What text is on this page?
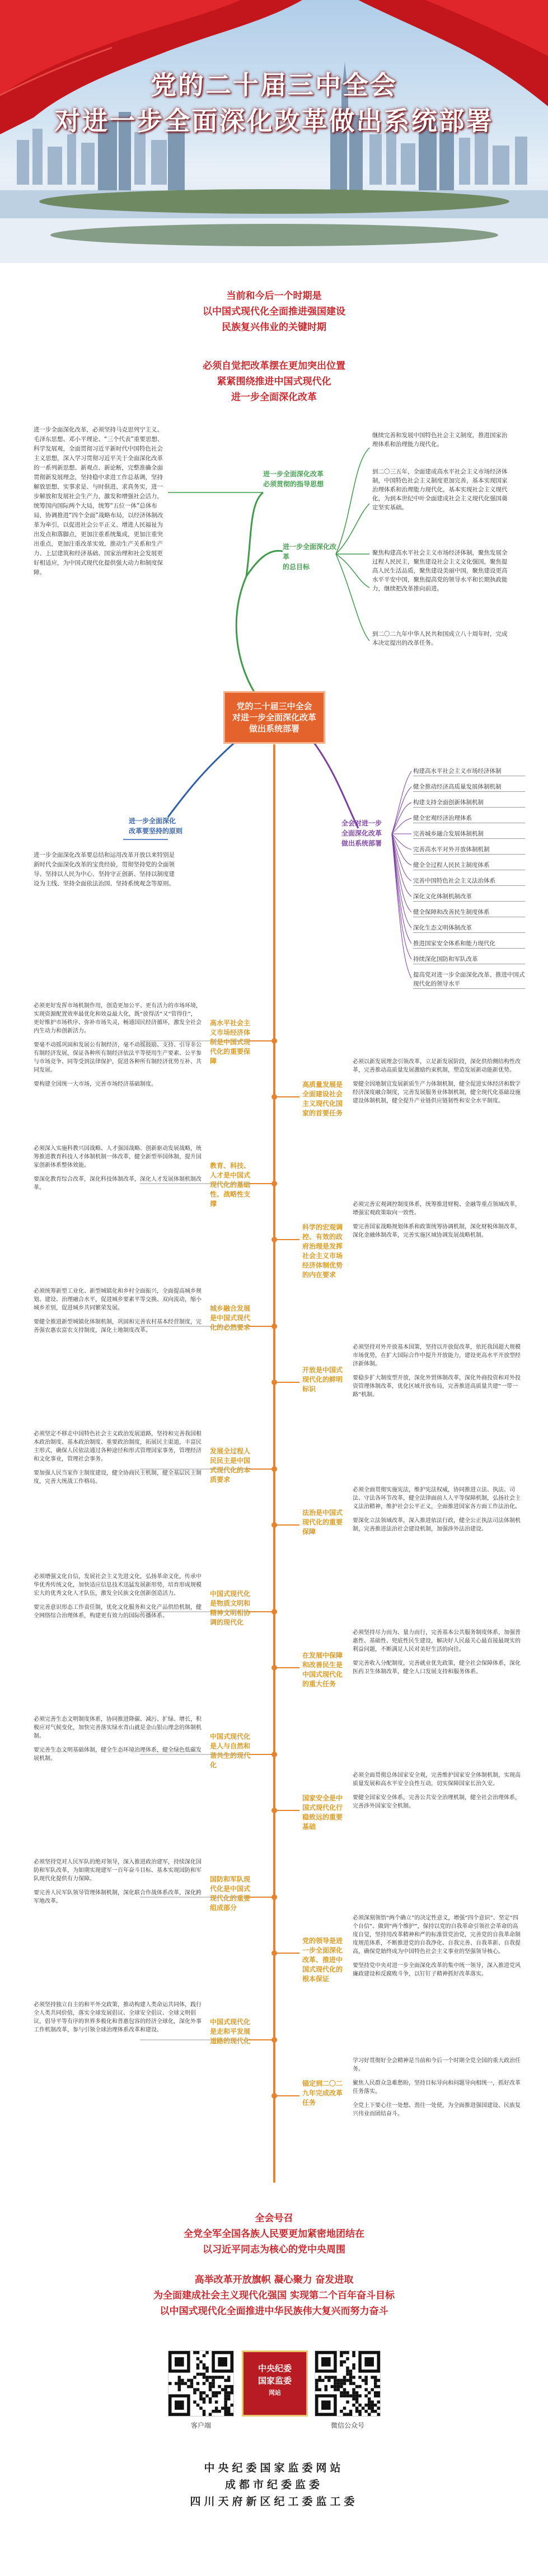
党的二十届三中全会
对进一步全面深化改革做出系统部署
当前和今后一个时期是
以中国式现代化全面推进强国建设
民族复兴伟业的关键时期
必须自觉把改革摆在更加突出位置
紧紧围绕推进中国式现代化
进一步全面深化改革
党的二十届三中全会
对进一步全面深化改革
做出系统部署
进一步全面深化改革
必须贯彻的指导思想
进一步全面深化改革
的总目标
进一步全面深化
改革要坚持的原则
全会对进一步
全面深化改革
做出系统部署
进一步全面深化改革，必须坚持马克思列宁主义、毛泽东思想、邓小平理论、“三个代表”重要思想、科学发展观，全面贯彻习近平新时代中国特色社会主义思想，深入学习贯彻习近平关于全面深化改革的一系列新思想、新观点、新论断，完整准确全面贯彻新发展理念，坚持稳中求进工作总基调，坚持解放思想、实事求是、与时俱进、求真务实，进一步解放和发展社会生产力，激发和增强社会活力，统筹国内国际两个大局，统筹“五位一体”总体布局，协调推进“四个全面”战略布局，以经济体制改革为牵引，以促进社会公平正义、增进人民福祉为出发点和落脚点，更加注重系统集成，更加注重突出重点，更加注重改革实效，推动生产关系和生产力、上层建筑和经济基础、国家治理和社会发展更好相适应，为中国式现代化提供强大动力和制度保障。
继续完善和发展中国特色社会主义制度，推进国家治理体系和治理能力现代化。
到二〇三五年，全面建成高水平社会主义市场经济体制，中国特色社会主义制度更加完善，基本实现国家治理体系和治理能力现代化，基本实现社会主义现代化，为到本世纪中叶全面建成社会主义现代化强国奠定坚实基础。
聚焦构建高水平社会主义市场经济体制，聚焦发展全过程人民民主，聚焦建设社会主义文化强国，聚焦提高人民生活品质，聚焦建设美丽中国，聚焦建设更高水平平安中国，聚焦提高党的领导水平和长期执政能力，继续把改革推向前进。
到二〇二九年中华人民共和国成立八十周年时，完成本决定提出的改革任务。
进一步全面深化改革要总结和运用改革开放以来特别是新时代全面深化改革的宝贵经验，贯彻坚持党的全面领导、坚持以人民为中心、坚持守正创新、坚持以制度建设为主线、坚持全面依法治国、坚持系统观念等原则。
构建高水平社会主义市场经济体制
健全推动经济高质量发展体制机制
构建支持全面创新体制机制
健全宏观经济治理体系
完善城乡融合发展体制机制
完善高水平对外开放体制机制
健全全过程人民民主制度体系
完善中国特色社会主义法治体系
深化文化体制机制改革
健全保障和改善民生制度体系
深化生态文明体制改革
推进国家安全体系和能力现代化
持续深化国防和军队改革
提高党对进一步全面深化改革、推进中国式现代化的领导水平
高水平社会主义市场经济体制是中国式现代化的重要保障
必须更好发挥市场机制作用，创造更加公平、更有活力的市场环境，实现资源配置效率最优化和效益最大化，既“放得活”又“管得住”，更好维护市场秩序、弥补市场失灵，畅通国民经济循环，激发全社会内生动力和创新活力。
要毫不动摇巩固和发展公有制经济，毫不动摇鼓励、支持、引导非公有制经济发展，保证各种所有制经济依法平等使用生产要素、公平参与市场竞争、同等受到法律保护，促进各种所有制经济优势互补、共同发展。
要构建全国统一大市场，完善市场经济基础制度。	高质量发展是全面建设社会主义现代化国家的首要任务
必须以新发展理念引领改革，立足新发展阶段，深化供给侧结构性改革，完善推动高质量发展激励约束机制，塑造发展新动能新优势。
要健全因地制宜发展新质生产力体制机制，健全促进实体经济和数字经济深度融合制度，完善发展服务业体制机制，健全现代化基础设施建设体制机制，健全提升产业链供应链韧性和安全水平制度。
教育、科技、人才是中国式现代化的基础性、战略性支撑
必须深入实施科教兴国战略、人才强国战略、创新驱动发展战略，统筹推进教育科技人才体制机制一体改革，健全新型举国体制，提升国家创新体系整体效能。
要深化教育综合改革，深化科技体制改革，深化人才发展体制机制改革。
科学的宏观调控、有效的政府治理是发挥社会主义市场经济体制优势的内在要求
必须完善宏观调控制度体系，统筹推进财税、金融等重点领域改革，增强宏观政策取向一致性。
要完善国家战略规划体系和政策统筹协调机制，深化财税体制改革，深化金融体制改革，完善实施区域协调发展战略机制。
城乡融合发展是中国式现代化的必然要求
必须统筹新型工业化、新型城镇化和乡村全面振兴，全面提高城乡规划、建设、治理融合水平，促进城乡要素平等交换、双向流动，缩小城乡差别，促进城乡共同繁荣发展。
要健全推进新型城镇化体制机制，巩固和完善农村基本经营制度，完善强农惠农富农支持制度，深化土地制度改革。
开放是中国式现代化的鲜明标识
必须坚持对外开放基本国策，坚持以开放促改革，依托我国超大规模市场优势，在扩大国际合作中提升开放能力，建设更高水平开放型经济新体制。
要稳步扩大制度型开放，深化外贸体制改革，深化外商投资和对外投资管理体制改革，优化区域开放布局，完善推进高质量共建“一带一路”机制。
发展全过程人民民主是中国式现代化的本质要求
必须坚定不移走中国特色社会主义政治发展道路，坚持和完善我国根本政治制度、基本政治制度、重要政治制度，拓展民主渠道，丰富民主形式，确保人民依法通过各种途径和形式管理国家事务，管理经济和文化事业，管理社会事务。
要加强人民当家作主制度建设，健全协商民主机制，健全基层民主制度，完善大统战工作格局。
法治是中国式现代化的重要保障
必须全面贯彻实施宪法，维护宪法权威，协同推进立法、执法、司法、守法各环节改革，健全法律面前人人平等保障机制，弘扬社会主义法治精神，维护社会公平正义，全面推进国家各方面工作法治化。
要深化立法领域改革，深入推进依法行政，健全公正执法司法体制机制，完善推进法治社会建设机制，加强涉外法治建设。
中国式现代化是物质文明和精神文明相协调的现代化
必须增强文化自信，发展社会主义先进文化，弘扬革命文化，传承中华优秀传统文化，加快适应信息技术迅猛发展新形势，培育形成规模宏大的优秀文化人才队伍，激发全民族文化创新创造活力。
要完善意识形态工作责任制，优化文化服务和文化产品供给机制，健全网络综合治理体系，构建更有效力的国际传播体系。
在发展中保障和改善民生是中国式现代化的重大任务
必须坚持尽力而为、量力而行，完善基本公共服务制度体系，加强普惠性、基础性、兜底性民生建设，解决好人民最关心最直接最现实的利益问题，不断满足人民对美好生活的向往。
要完善收入分配制度，完善就业优先政策，健全社会保障体系，深化医药卫生体制改革，健全人口发展支持和服务体系。
中国式现代化是人与自然和谐共生的现代化
必须完善生态文明制度体系，协同推进降碳、减污、扩绿、增长，积极应对气候变化，加快完善落实绿水青山就是金山银山理念的体制机制。
要完善生态文明基础体制，健全生态环境治理体系，健全绿色低碳发展机制。
国家安全是中国式现代化行稳致远的重要基础
必须全面贯彻总体国家安全观，完善维护国家安全体制机制，实现高质量发展和高水平安全良性互动，切实保障国家长治久安。
要健全国家安全体系，完善公共安全治理机制，健全社会治理体系，完善涉外国家安全机制。
国防和军队现代化是中国式现代化的重要组成部分
必须坚持党对人民军队的绝对领导，深入推进政治建军，持续深化国防和军队改革，为如期实现建军一百年奋斗目标、基本实现国防和军队现代化提供有力保障。
要完善人民军队领导管理体制机制，深化联合作战体系改革，深化跨军地改革。
党的领导是进一步全面深化改革、推进中国式现代化的根本保证
必须深刻领悟“两个确立”的决定性意义，增强“四个意识”、坚定“四个自信”、做到“两个维护”，保持以党的自我革命引领社会革命的高度自觉，坚持用改革精神和严的标准管党治党，完善党的自我革命制度规范体系，不断推进党的自我净化、自我完善、自我革新、自我提高，确保党始终成为中国特色社会主义事业的坚强领导核心。
要坚持党中央对进一步全面深化改革的集中统一领导，深入推进党风廉政建设和反腐败斗争，以钉钉子精神抓好改革落实。
中国式现代化是走和平发展道路的现代化
必须坚持独立自主的和平外交政策，推动构建人类命运共同体，践行全人类共同价值，落实全球发展倡议、全球安全倡议、全球文明倡议，倡导平等有序的世界多极化和普惠包容的经济全球化，深化外事工作机制改革，参与引领全球治理体系改革和建设。
锚定到二〇二九年完成改革任务
学习好贯彻好全会精神是当前和今后一个时期全党全国的重大政治任务。
聚焦人民群众急难愁盼，坚持目标导向和问题导向相统一，抓好改革任务落实。
全党上下要心往一处想、劲往一处使，为全面推进强国建设、民族复兴伟业而团结奋斗。
全会号召
全党全军全国各族人民要更加紧密地团结在
以习近平同志为核心的党中央周围
高举改革开放旗帜 凝心聚力 奋发进取
为全面建成社会主义现代化强国 实现第二个百年奋斗目标
以中国式现代化全面推进中华民族伟大复兴而努力奋斗
客户端
中央纪委
国家监委
网站
微信公众号
中央纪委国家监委网站
成都市纪委监委
四川天府新区纪工委监工委
